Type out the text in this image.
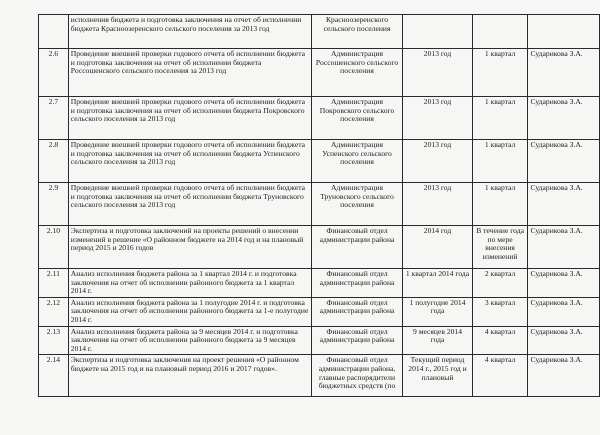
	исполнения бюджета и подготовка заключения на отчет об исполнении бюджета Красноозеренского сельского поселения за 2013 год	Красноозеренского сельского поселения			
2.6	Проведение внешней проверки годового отчета об исполнении бюджета и подготовка заключения на отчет об исполнении бюджета Россошенского сельского поселения за 2013 год	Администрация Россошенского сельского поселения	2013 год	1 квартал	Сударикова З.А.
2.7	Проведение внешней проверки годового отчета об исполнении бюджета и подготовка заключения на отчет об исполнении бюджета Покровского сельского поселения за 2013 год	Администрация Покровского сельского поселения	2013 год	1 квартал	Сударикова З.А.
2.8	Проведение внешней проверки годового отчета об исполнении бюджета и подготовка заключения на отчет об исполнении бюджета Успенского сельского поселения за 2013 год	Администрация Успенского сельского поселения	2013 год	1 квартал	Сударикова З.А.
2.9	Проведение внешней проверки годового отчета об исполнении бюджета и подготовка заключения на отчет об исполнении бюджета Труновского сельского поселения за 2013 год	Администрация Труновского сельского поселения	2013 год	1 квартал	Сударикова З.А.
2.10	Экспертиза и подготовка заключений на проекты решений о внесении изменений в решение «О районном бюджете на 2014 год и на плановый период 2015 и 2016 годов	Финансовый отдел администрации района	2014 год	В течение года по мере внесения изменений	Сударикова З.А.
2.11	Анализ исполнения бюджета района за 1 квартал 2014 г. и подготовка заключения на отчет об исполнении районного бюджета за 1 квартал 2014 г.	Финансовый отдел администрации района	1 квартал 2014 года	2 квартал	Сударикова З.А.
2.12	Анализ исполнения бюджета района за 1 полугодие 2014 г. и подготовка заключения на отчет об исполнении районного бюджета за 1-е полугодие 2014 г.	Финансовый отдел администрации района	1 полугодие 2014 года	3 квартал	Сударикова З.А.
2.13	Анализ исполнения бюджета района за 9 месяцев 2014 г. и подготовка заключения на отчет об исполнении районного бюджета за 9 месяцев 2014 г.	Финансовый отдел администрации района	9 месяцев 2014 года	4 квартал	Сударикова З.А.
2.14	Экспертиза и подготовка заключения на проект решения «О районном бюджете на 2015 год и на плановый период 2016 и 2017 годов».	Финансовый отдел администрации района, главные распорядители бюджетных средств (по	Текущий период 2014 г., 2015 год и плановый	4 квартал	Сударикова З.А.
